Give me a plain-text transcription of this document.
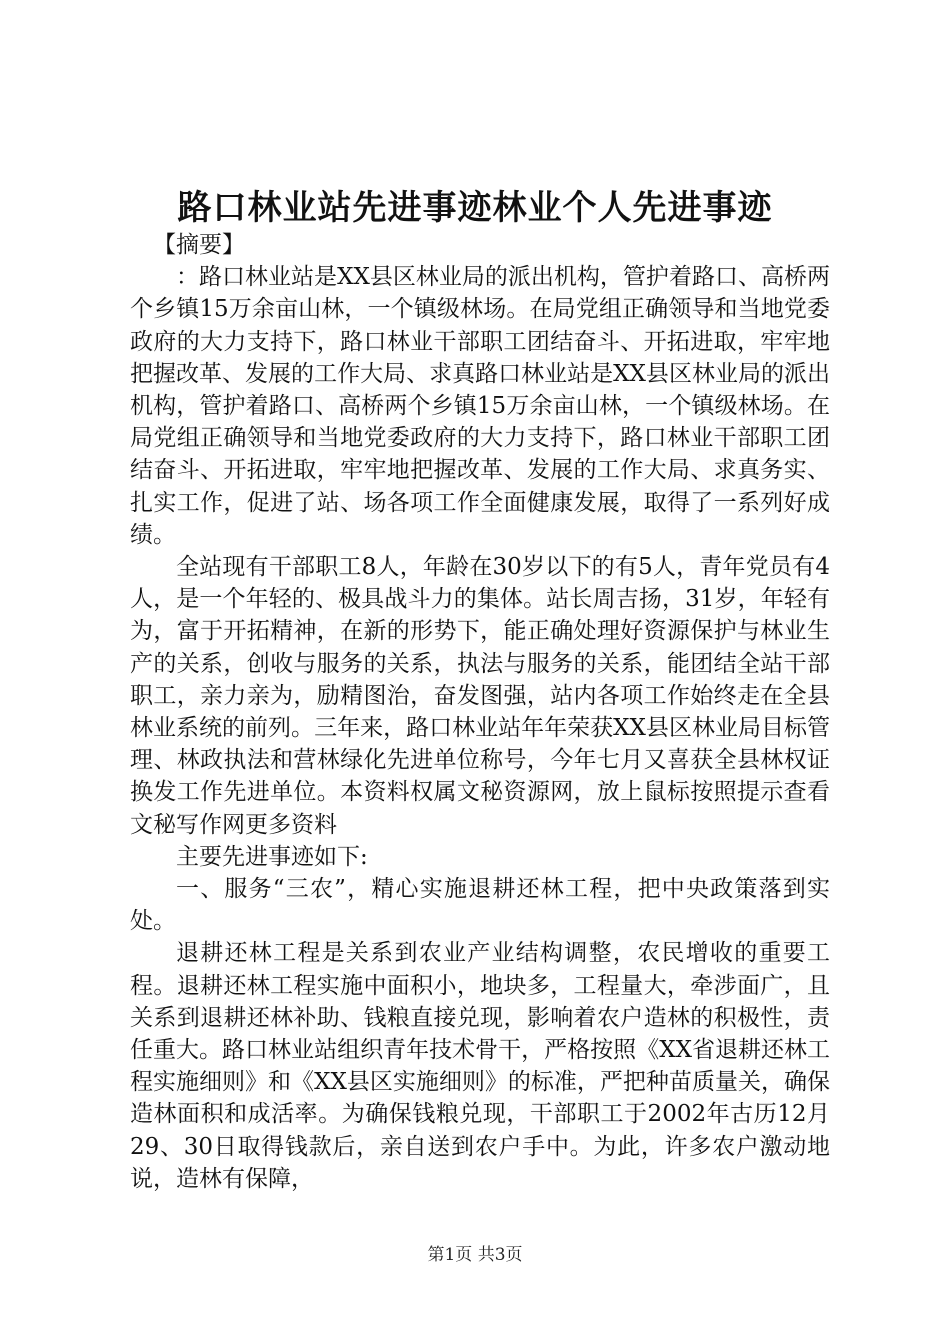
路口林业站先进事迹林业个人先进事迹

【摘要】

：路口林业站是XX县区林业局的派出机构，管护着路口、高桥两个乡镇15万余亩山林，一个镇级林场。在局党组正确领导和当地党委政府的大力支持下，路口林业干部职工团结奋斗、开拓进取，牢牢地把握改革、发展的工作大局、求真路口林业站是XX县区林业局的派出机构，管护着路口、高桥两个乡镇15万余亩山林，一个镇级林场。在局党组正确领导和当地党委政府的大力支持下，路口林业干部职工团结奋斗、开拓进取，牢牢地把握改革、发展的工作大局、求真务实、扎实工作，促进了站、场各项工作全面健康发展，取得了一系列好成绩。

全站现有干部职工8人，年龄在30岁以下的有5人，青年党员有4人，是一个年轻的、极具战斗力的集体。站长周吉扬，31岁，年轻有为，富于开拓精神，在新的形势下，能正确处理好资源保护与林业生产的关系，创收与服务的关系，执法与服务的关系，能团结全站干部职工，亲力亲为，励精图治，奋发图强，站内各项工作始终走在全县林业系统的前列。三年来，路口林业站年年荣获XX县区林业局目标管理、林政执法和营林绿化先进单位称号，今年七月又喜获全县林权证换发工作先进单位。本资料权属文秘资源网，放上鼠标按照提示查看文秘写作网更多资料

主要先进事迹如下:

一、服务“三农”，精心实施退耕还林工程，把中央政策落到实处。

退耕还林工程是关系到农业产业结构调整，农民增收的重要工程。退耕还林工程实施中面积小，地块多，工程量大，牵涉面广，且关系到退耕还林补助、钱粮直接兑现，影响着农户造林的积极性，责任重大。路口林业站组织青年技术骨干，严格按照《XX省退耕还林工程实施细则》和《XX县区实施细则》的标准，严把种苗质量关，确保造林面积和成活率。为确保钱粮兑现，干部职工于2002年古历12月29、30日取得钱款后，亲自送到农户手中。为此，许多农户激动地说，造林有保障，

第1页 共3页
